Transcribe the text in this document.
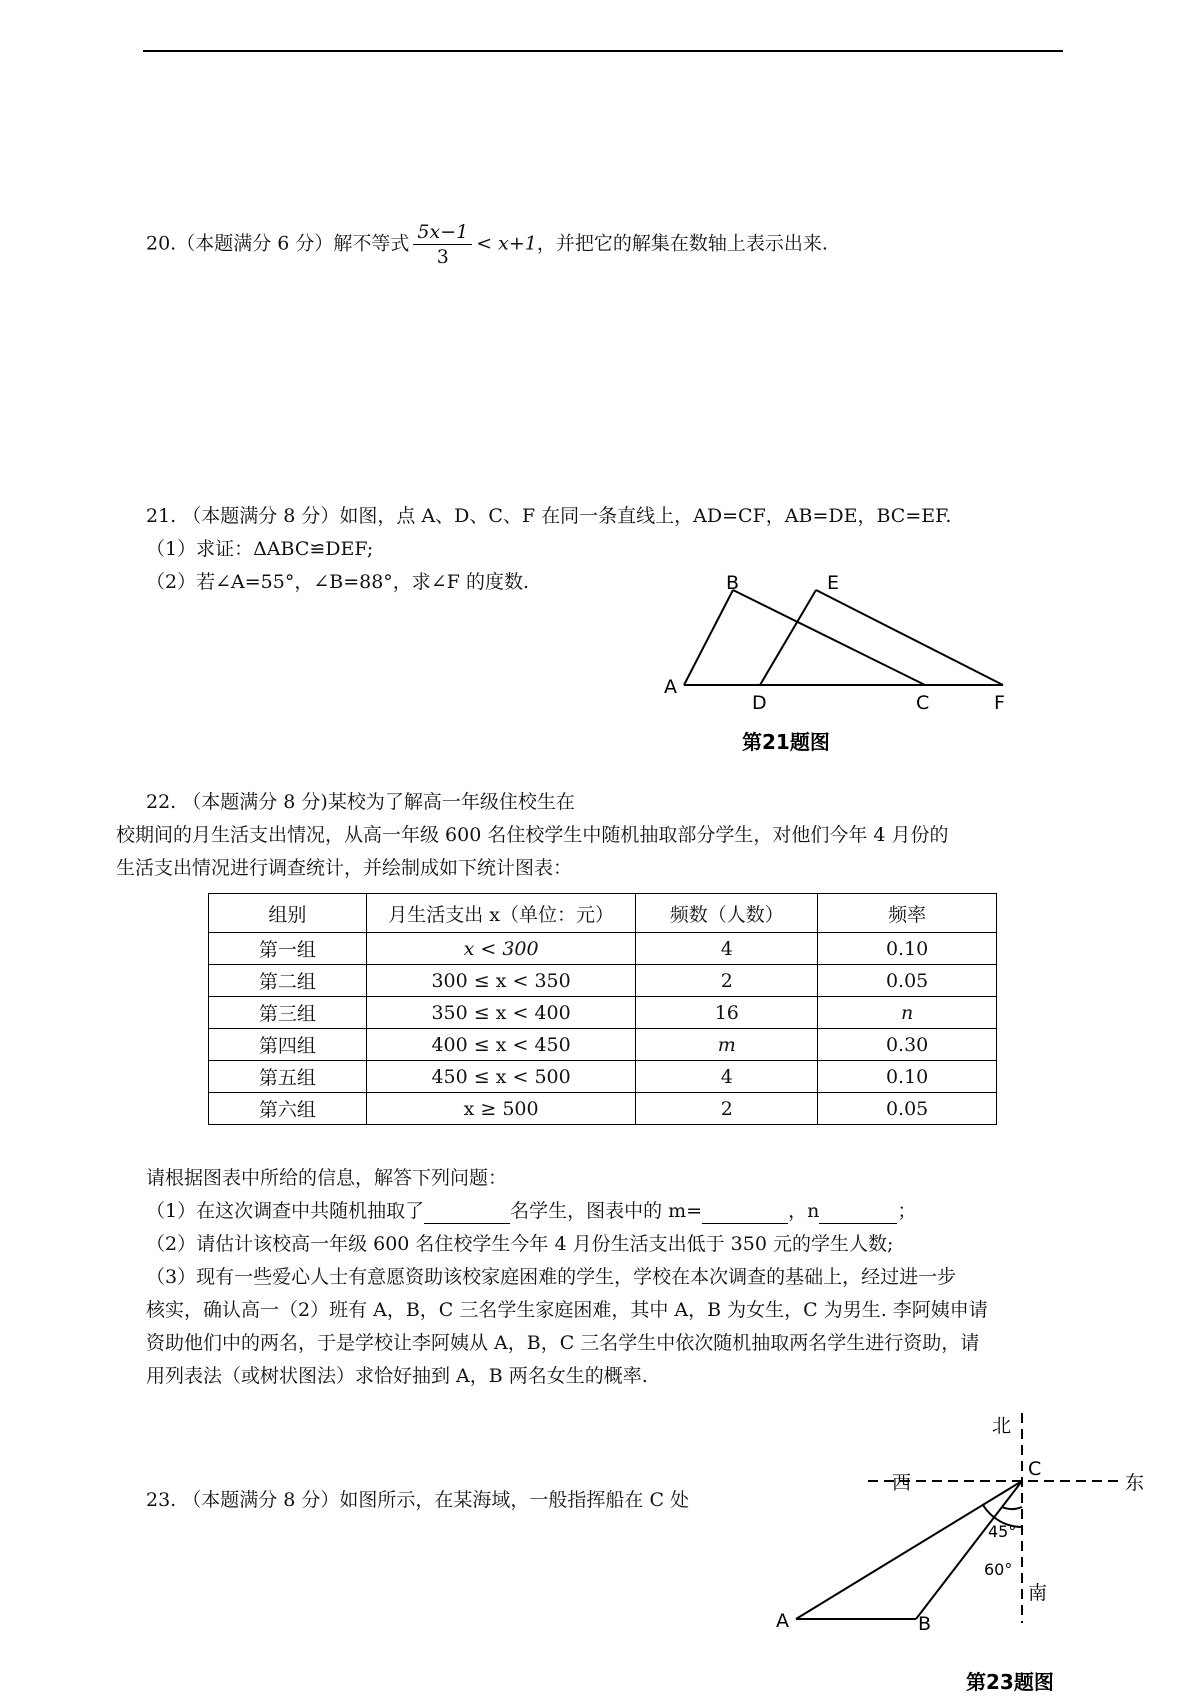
20.（本题满分 6 分）解不等式 $\frac{5x-1}{3} < x+1$，并把它的解集在数轴上表示出来.
21. （本题满分 8 分）如图，点 A、D、C、F 在同一条直线上，AD=CF，AB=DE，BC=EF.
（1）求证：ΔABC≌DEF;
（2）若∠A=55°，∠B=88°，求∠F 的度数.	B	E
A
D	C	F
第21题图
22. （本题满分 8 分)某校为了解高一年级住校生在
校期间的月生活支出情况，从高一年级 600 名住校学生中随机抽取部分学生，对他们今年 4 月份的
生活支出情况进行调查统计，并绘制成如下统计图表：
组别	月生活支出 x（单位：元）	频数（人数）	频率
第一组	x < 300	4	0.10
第二组	300 ≤ x < 350	2	0.05
第三组	350 ≤ x < 400	16	n
第四组	400 ≤ x < 450	m	0.30
第五组	450 ≤ x < 500	4	0.10
第六组	x ≥ 500	2	0.05
请根据图表中所给的信息，解答下列问题：
（1）在这次调查中共随机抽取了	名学生，图表中的 m=	，n	；
（2）请估计该校高一年级 600 名住校学生今年 4 月份生活支出低于 350 元的学生人数;
（3）现有一些爱心人士有意愿资助该校家庭困难的学生，学校在本次调查的基础上，经过进一步
核实，确认高一（2）班有 A，B，C 三名学生家庭困难，其中 A，B 为女生，C 为男生. 李阿姨申请
资助他们中的两名，于是学校让李阿姨从 A，B，C 三名学生中依次随机抽取两名学生进行资助，请
用列表法（或树状图法）求恰好抽到 A，B 两名女生的概率.
23. （本题满分 8 分）如图所示，在某海域，一般指挥船在 C 处
北
C
西	东
45°
60°
南
A	B
第23题图
